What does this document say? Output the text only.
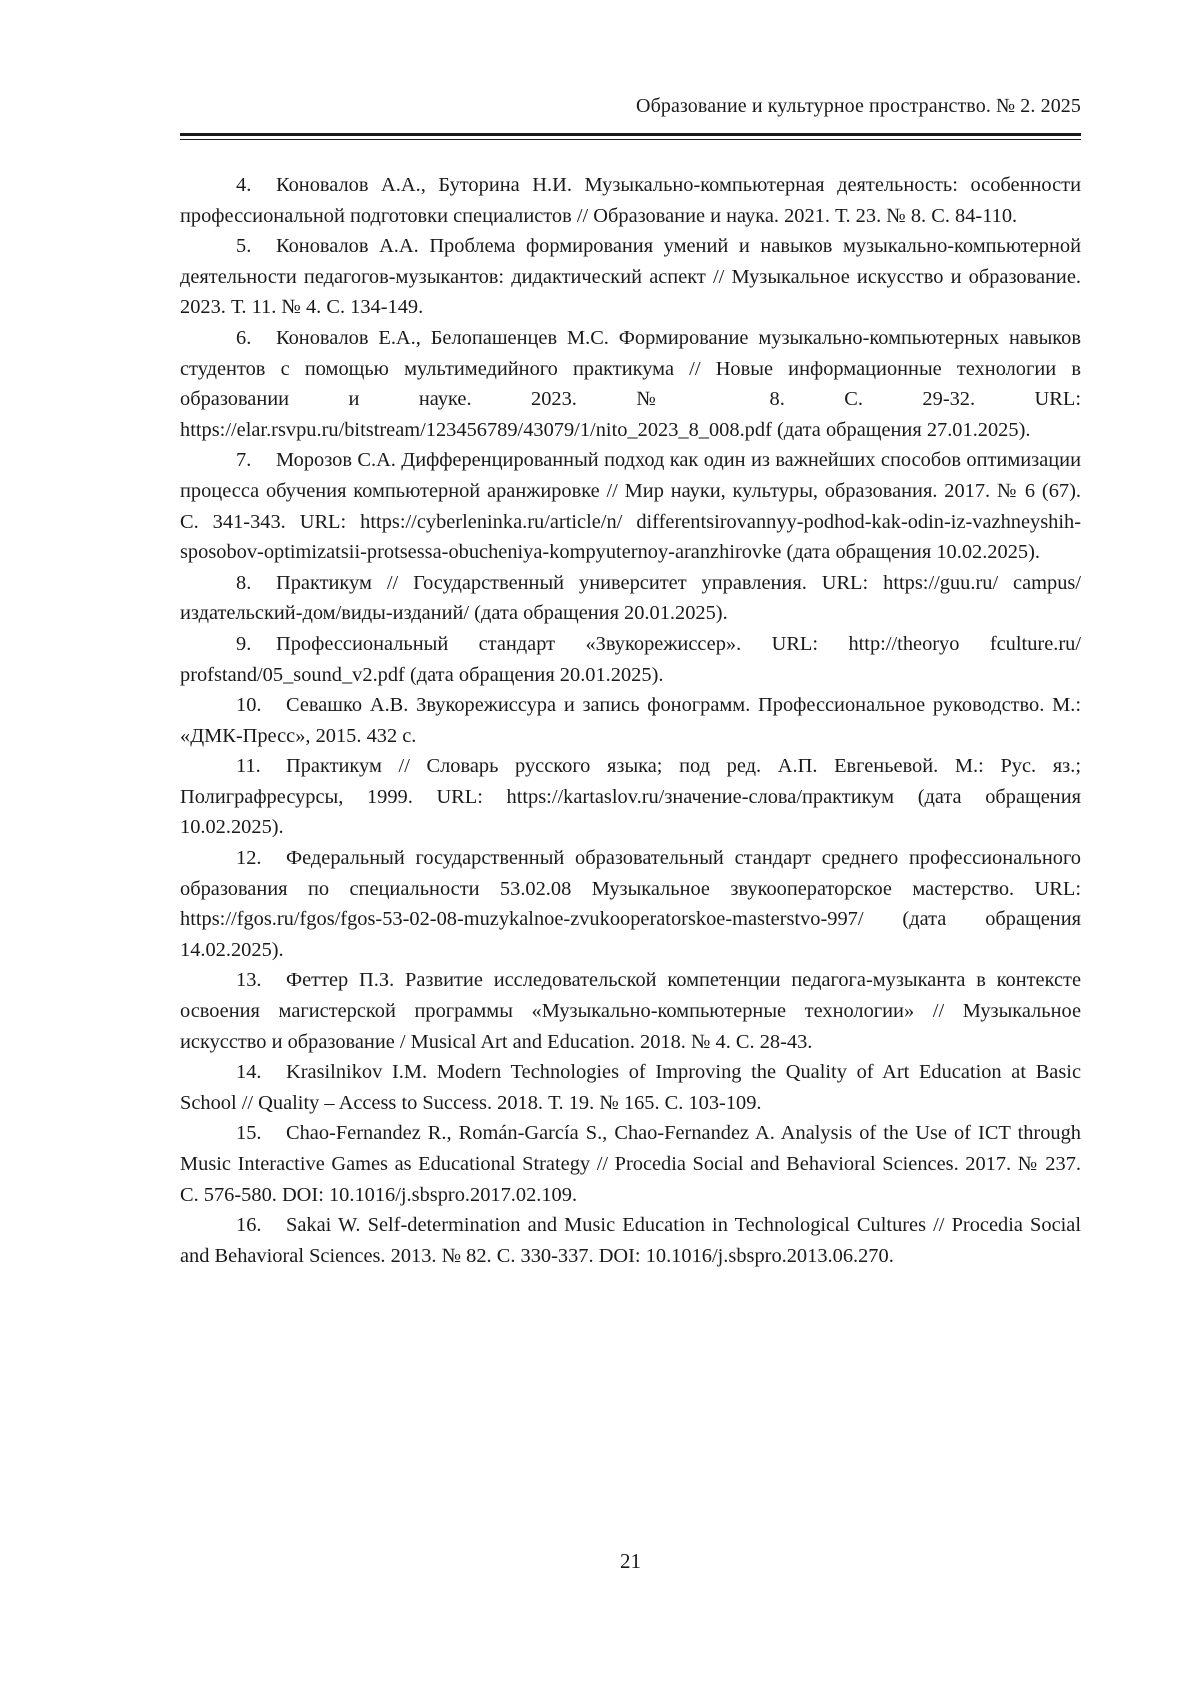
Образование и культурное пространство. № 2. 2025
4. Коновалов А.А., Буторина Н.И. Музыкально-компьютерная деятельность: особенности профессиональной подготовки специалистов // Образование и наука. 2021. Т. 23. № 8. С. 84-110.
5. Коновалов А.А. Проблема формирования умений и навыков музыкально-компьютерной деятельности педагогов-музыкантов: дидактический аспект // Музыкальное искусство и образование. 2023. Т. 11. № 4. С. 134-149.
6. Коновалов Е.А., Белопашенцев М.С. Формирование музыкально-компьютерных навыков студентов с помощью мультимедийного практикума // Новые информационные технологии в образовании и науке. 2023. № 8. С. 29-32. URL: https://elar.rsvpu.ru/bitstream/123456789/43079/1/nito_2023_8_008.pdf (дата обращения 27.01.2025).
7. Морозов С.А. Дифференцированный подход как один из важнейших способов оптимизации процесса обучения компьютерной аранжировке // Мир науки, культуры, образования. 2017. № 6 (67). С. 341-343. URL: https://cyberleninka.ru/article/n/ differentsirovannyy-podhod-kak-odin-iz-vazhneyshih-sposobov-optimizatsii-protsessa-obucheniya-kompyuternoy-aranzhirovke (дата обращения 10.02.2025).
8. Практикум // Государственный университет управления. URL: https://guu.ru/ campus/издательский-дом/виды-изданий/ (дата обращения 20.01.2025).
9. Профессиональный стандарт «Звукорежиссер». URL: http://theoryo fculture.ru/ profstand/05_sound_v2.pdf (дата обращения 20.01.2025).
10. Севашко А.В. Звукорежиссура и запись фонограмм. Профессиональное руководство. М.: «ДМК-Пресс», 2015. 432 с.
11. Практикум // Словарь русского языка; под ред. А.П. Евгеньевой. М.: Рус. яз.; Полиграфресурсы, 1999. URL: https://kartaslov.ru/значение-слова/практикум (дата обращения 10.02.2025).
12. Федеральный государственный образовательный стандарт среднего профессионального образования по специальности 53.02.08 Музыкальное звукооператорское мастерство. URL: https://fgos.ru/fgos/fgos-53-02-08-muzykalnoe-zvukooperatorskoe-masterstvo-997/ (дата обращения 14.02.2025).
13. Феттер П.З. Развитие исследовательской компетенции педагога-музыканта в контексте освоения магистерской программы «Музыкально-компьютерные технологии» // Музыкальное искусство и образование / Musical Art and Education. 2018. № 4. С. 28-43.
14. Krasilnikov I.M. Modern Technologies of Improving the Quality of Art Education at Basic School // Quality – Access to Success. 2018. Т. 19. № 165. С. 103-109.
15. Chao-Fernandez R., Román-García S., Chao-Fernandez A. Analysis of the Use of ICT through Music Interactive Games as Educational Strategy // Procedia Social and Behavioral Sciences. 2017. № 237. С. 576-580. DOI: 10.1016/j.sbspro.2017.02.109.
16. Sakai W. Self-determination and Music Education in Technological Cultures // Procedia Social and Behavioral Sciences. 2013. № 82. С. 330-337. DOI: 10.1016/j.sbspro.2013.06.270.
21
